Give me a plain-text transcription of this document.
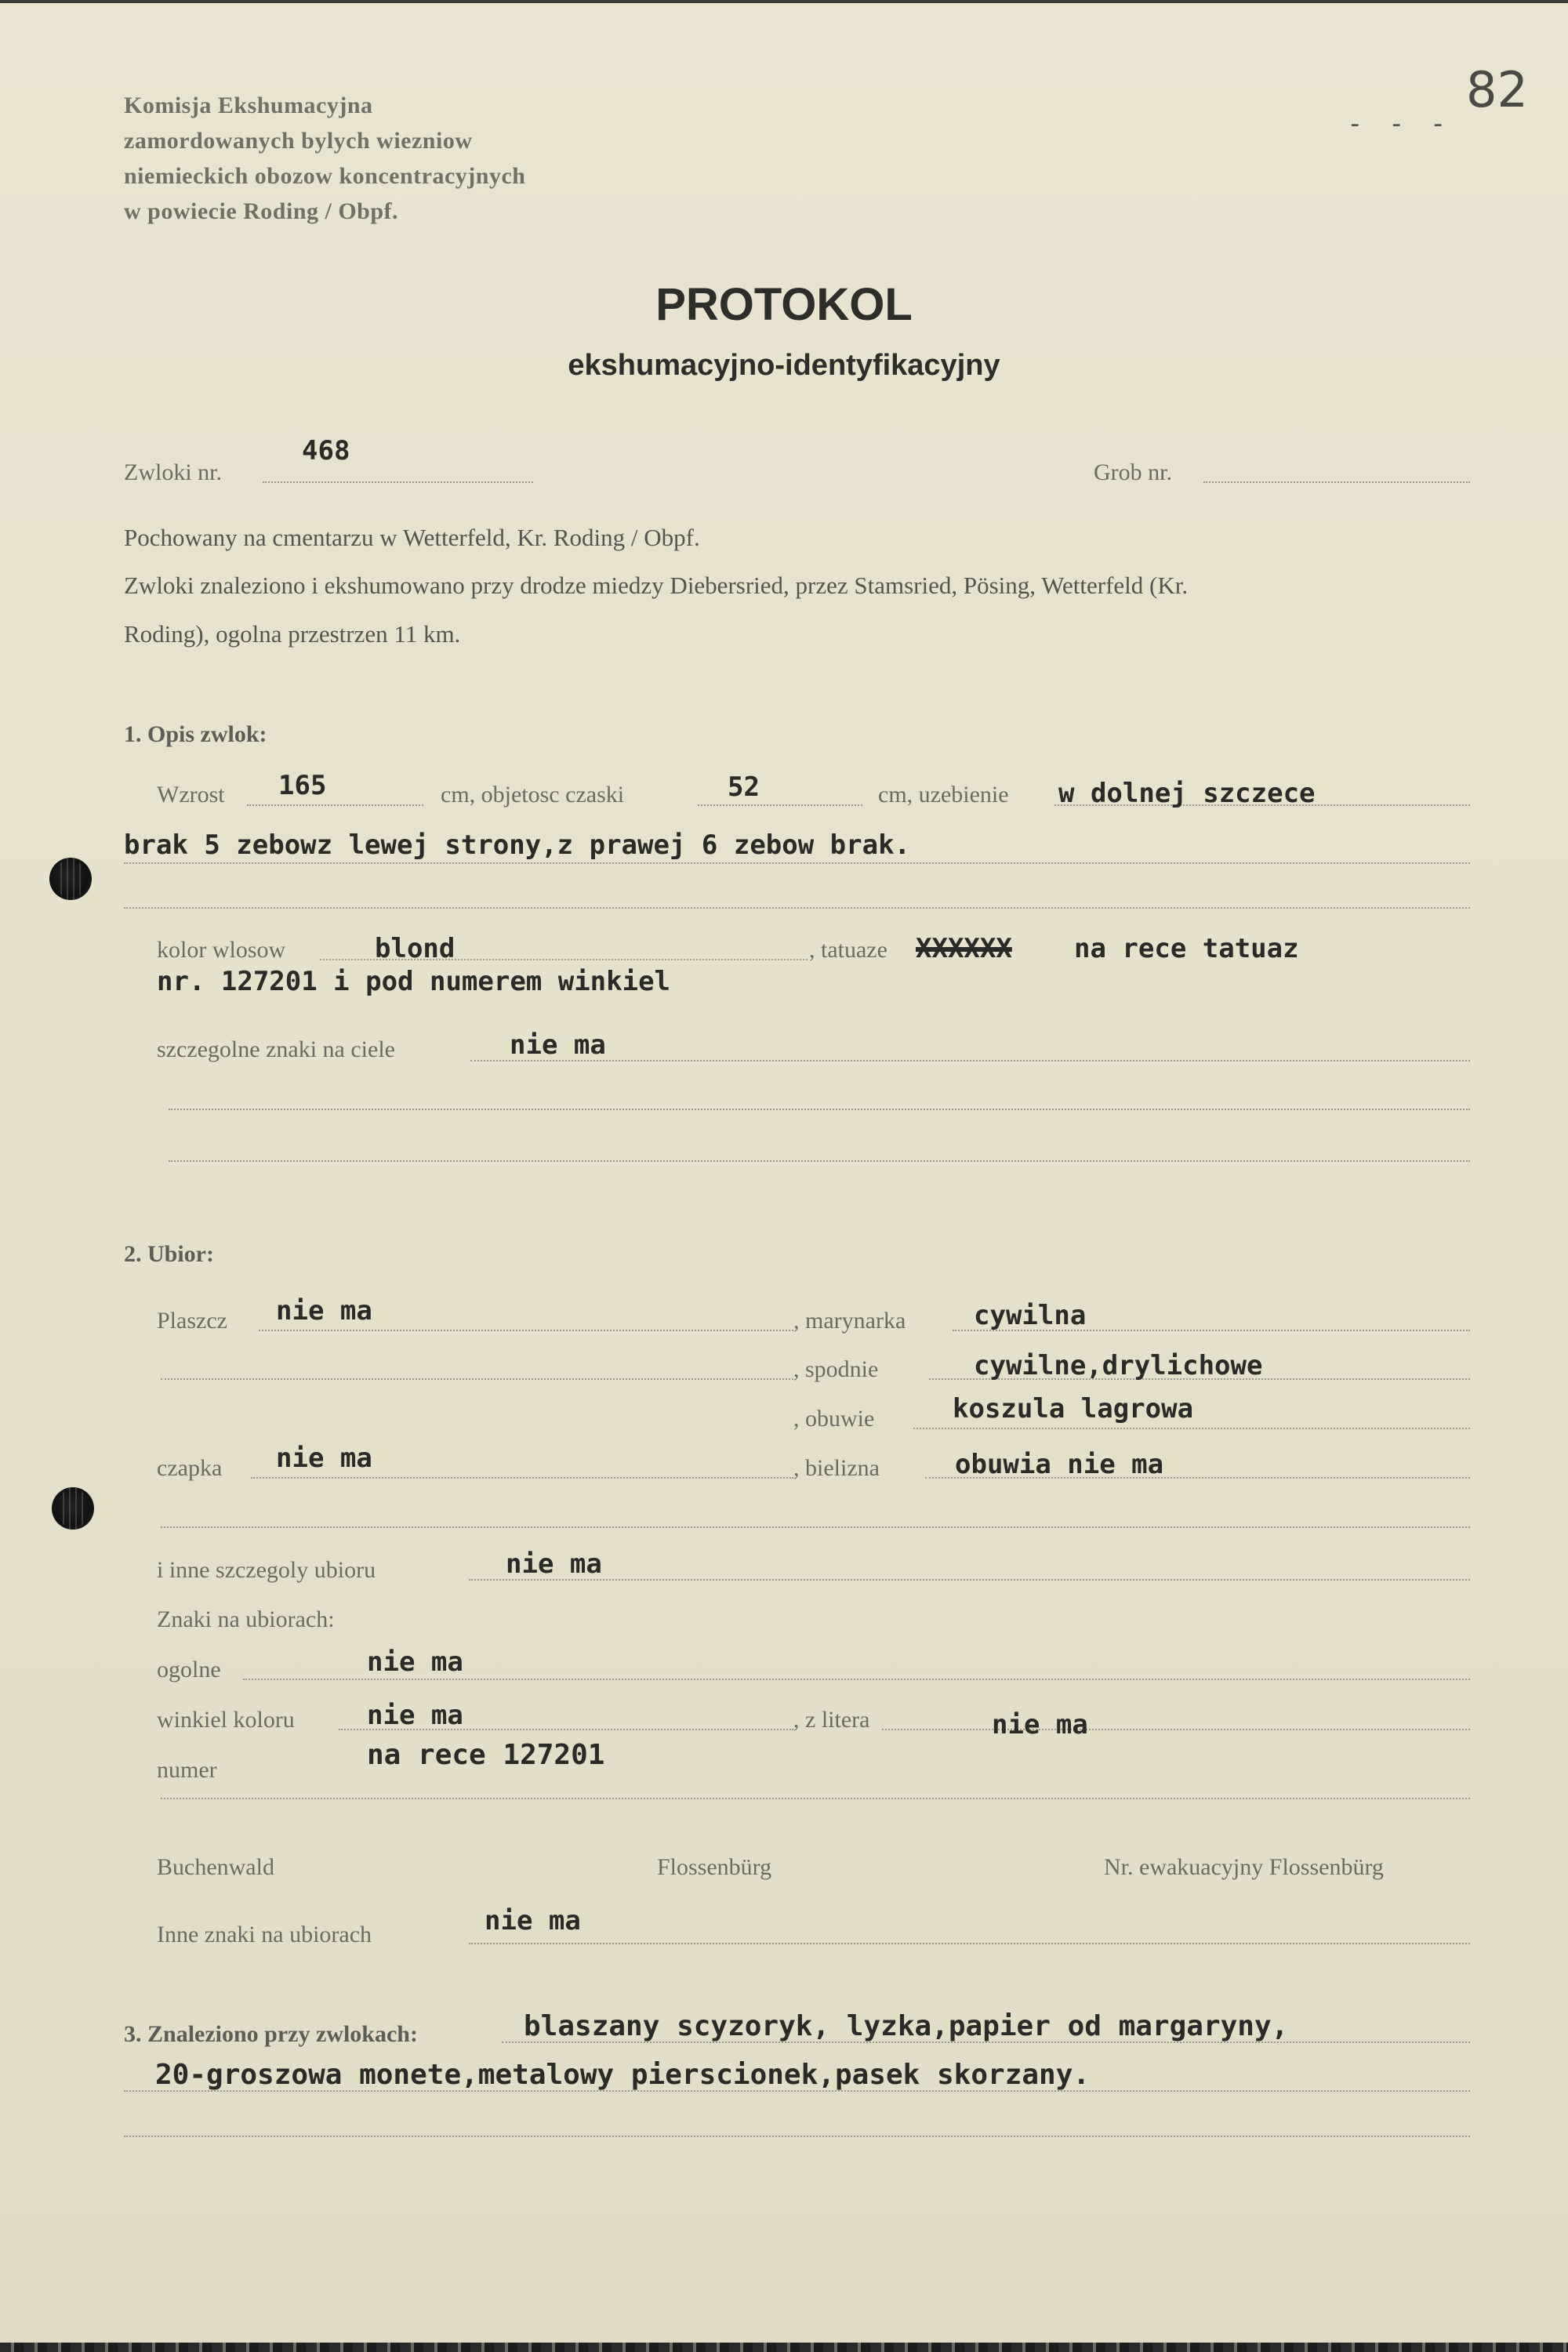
Komisja Ekshumacyjna
zamordowanych bylych wiezniow
niemieckich obozow koncentracyjnych
w powiecie Roding / Obpf.
- - -
82
PROTOKOL
ekshumacyjno-identyfikacyjny
Zwloki nr.
468
Grob nr.
Pochowany na cmentarzu w Wetterfeld, Kr. Roding / Obpf.
Zwloki znaleziono i ekshumowano przy drodze miedzy Diebersried, przez Stamsried, Pösing, Wetterfeld (Kr.
Roding), ogolna przestrzen 11 km.
1. Opis zwlok:
Wzrost 165	cm, objetosc czaski	52	cm, uzebienie w dolnej szczece
brak 5 zebowz lewej strony,z prawej 6 zebow brak.
kolor wlosow	blond	, tatuaze XXXXXX na rece tatuaz
nr. 127201 i pod numerem winkiel
szczegolne znaki na ciele	nie ma
2. Ubior:
Plaszcz nie ma	, marynarka	cywilna
, spodnie	cywilne,drylichowe
, obuwie	koszula lagrowa
czapka nie ma	, bielizna	obuwia nie ma
i inne szczegoly ubioru	nie ma
Znaki na ubiorach:
ogolne	nie ma
winkiel koloru	nie ma	, z litera	nie ma
numer	na rece 127201
Buchenwald	Flossenbürg	Nr. ewakuacyjny Flossenbürg
Inne znaki na ubiorach	nie ma
3. Znaleziono przy zwlokach:	blaszany scyzoryk, lyzka,papier od margaryny,
20-groszowa monete,metalowy pierscionek,pasek skorzany.
